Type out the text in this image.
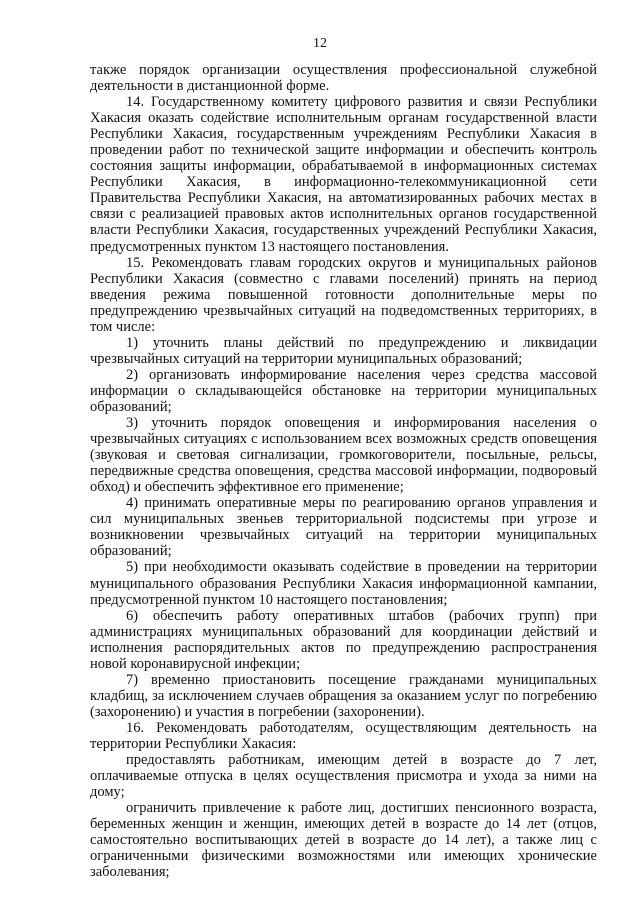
12

также порядок организации осуществления профессиональной служебной деятельности в дистанционной форме.

14. Государственному комитету цифрового развития и связи Республики Хакасия оказать содействие исполнительным органам государственной власти Республики Хакасия, государственным учреждениям Республики Хакасия в проведении работ по технической защите информации и обеспечить контроль состояния защиты информации, обрабатываемой в информационных системах Республики Хакасия, в информационно-телекоммуникационной сети Правительства Республики Хакасия, на автоматизированных рабочих местах в связи с реализацией правовых актов исполнительных органов государственной власти Республики Хакасия, государственных учреждений Республики Хакасия, предусмотренных пунктом 13 настоящего постановления.

15. Рекомендовать главам городских округов и муниципальных районов Республики Хакасия (совместно с главами поселений) принять на период введения режима повышенной готовности дополнительные меры по предупреждению чрезвычайных ситуаций на подведомственных территориях, в том числе:

1) уточнить планы действий по предупреждению и ликвидации чрезвычайных ситуаций на территории муниципальных образований;

2) организовать информирование населения через средства массовой информации о складывающейся обстановке на территории муниципальных образований;

3) уточнить порядок оповещения и информирования населения о чрезвычайных ситуациях с использованием всех возможных средств оповещения (звуковая и световая сигнализации, громкоговорители, посыльные, рельсы, передвижные средства оповещения, средства массовой информации, подворовый обход) и обеспечить эффективное его применение;

4) принимать оперативные меры по реагированию органов управления и сил муниципальных звеньев территориальной подсистемы при угрозе и возникновении чрезвычайных ситуаций на территории муниципальных образований;

5) при необходимости оказывать содействие в проведении на территории муниципального образования Республики Хакасия информационной кампании, предусмотренной пунктом 10 настоящего постановления;

6) обеспечить работу оперативных штабов (рабочих групп) при администрациях муниципальных образований для координации действий и исполнения распорядительных актов по предупреждению распространения новой коронавирусной инфекции;

7) временно приостановить посещение гражданами муниципальных кладбищ, за исключением случаев обращения за оказанием услуг по погребению (захоронению) и участия в погребении (захоронении).

16. Рекомендовать работодателям, осуществляющим деятельность на территории Республики Хакасия:

предоставлять работникам, имеющим детей в возрасте до 7 лет, оплачиваемые отпуска в целях осуществления присмотра и ухода за ними на дому;

ограничить привлечение к работе лиц, достигших пенсионного возраста, беременных женщин и женщин, имеющих детей в возрасте до 14 лет (отцов, самостоятельно воспитывающих детей в возрасте до 14 лет), а также лиц с ограниченными физическими возможностями или имеющих хронические заболевания;
